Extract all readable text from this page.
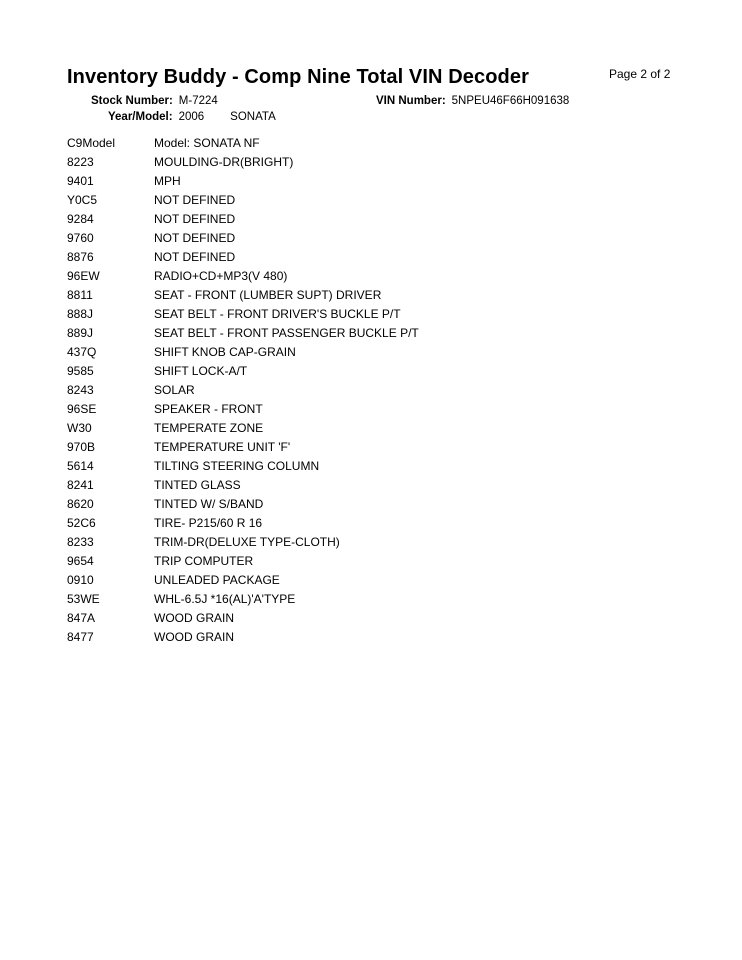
Inventory Buddy - Comp Nine Total VIN Decoder	Page 2 of 2
Stock Number: M-7224	VIN Number: 5NPEU46F66H091638
Year/Model: 2006 SONATA
C9Model	Model: SONATA NF
8223	MOULDING-DR(BRIGHT)
9401	MPH
Y0C5	NOT DEFINED
9284	NOT DEFINED
9760	NOT DEFINED
8876	NOT DEFINED
96EW	RADIO+CD+MP3(V 480)
8811	SEAT - FRONT (LUMBER SUPT) DRIVER
888J	SEAT BELT - FRONT DRIVER'S BUCKLE P/T
889J	SEAT BELT - FRONT PASSENGER BUCKLE P/T
437Q	SHIFT KNOB CAP-GRAIN
9585	SHIFT LOCK-A/T
8243	SOLAR
96SE	SPEAKER - FRONT
W30	TEMPERATE ZONE
970B	TEMPERATURE UNIT 'F'
5614	TILTING STEERING COLUMN
8241	TINTED GLASS
8620	TINTED W/ S/BAND
52C6	TIRE- P215/60 R 16
8233	TRIM-DR(DELUXE TYPE-CLOTH)
9654	TRIP COMPUTER
0910	UNLEADED PACKAGE
53WE	WHL-6.5J *16(AL)'A'TYPE
847A	WOOD GRAIN
8477	WOOD GRAIN
